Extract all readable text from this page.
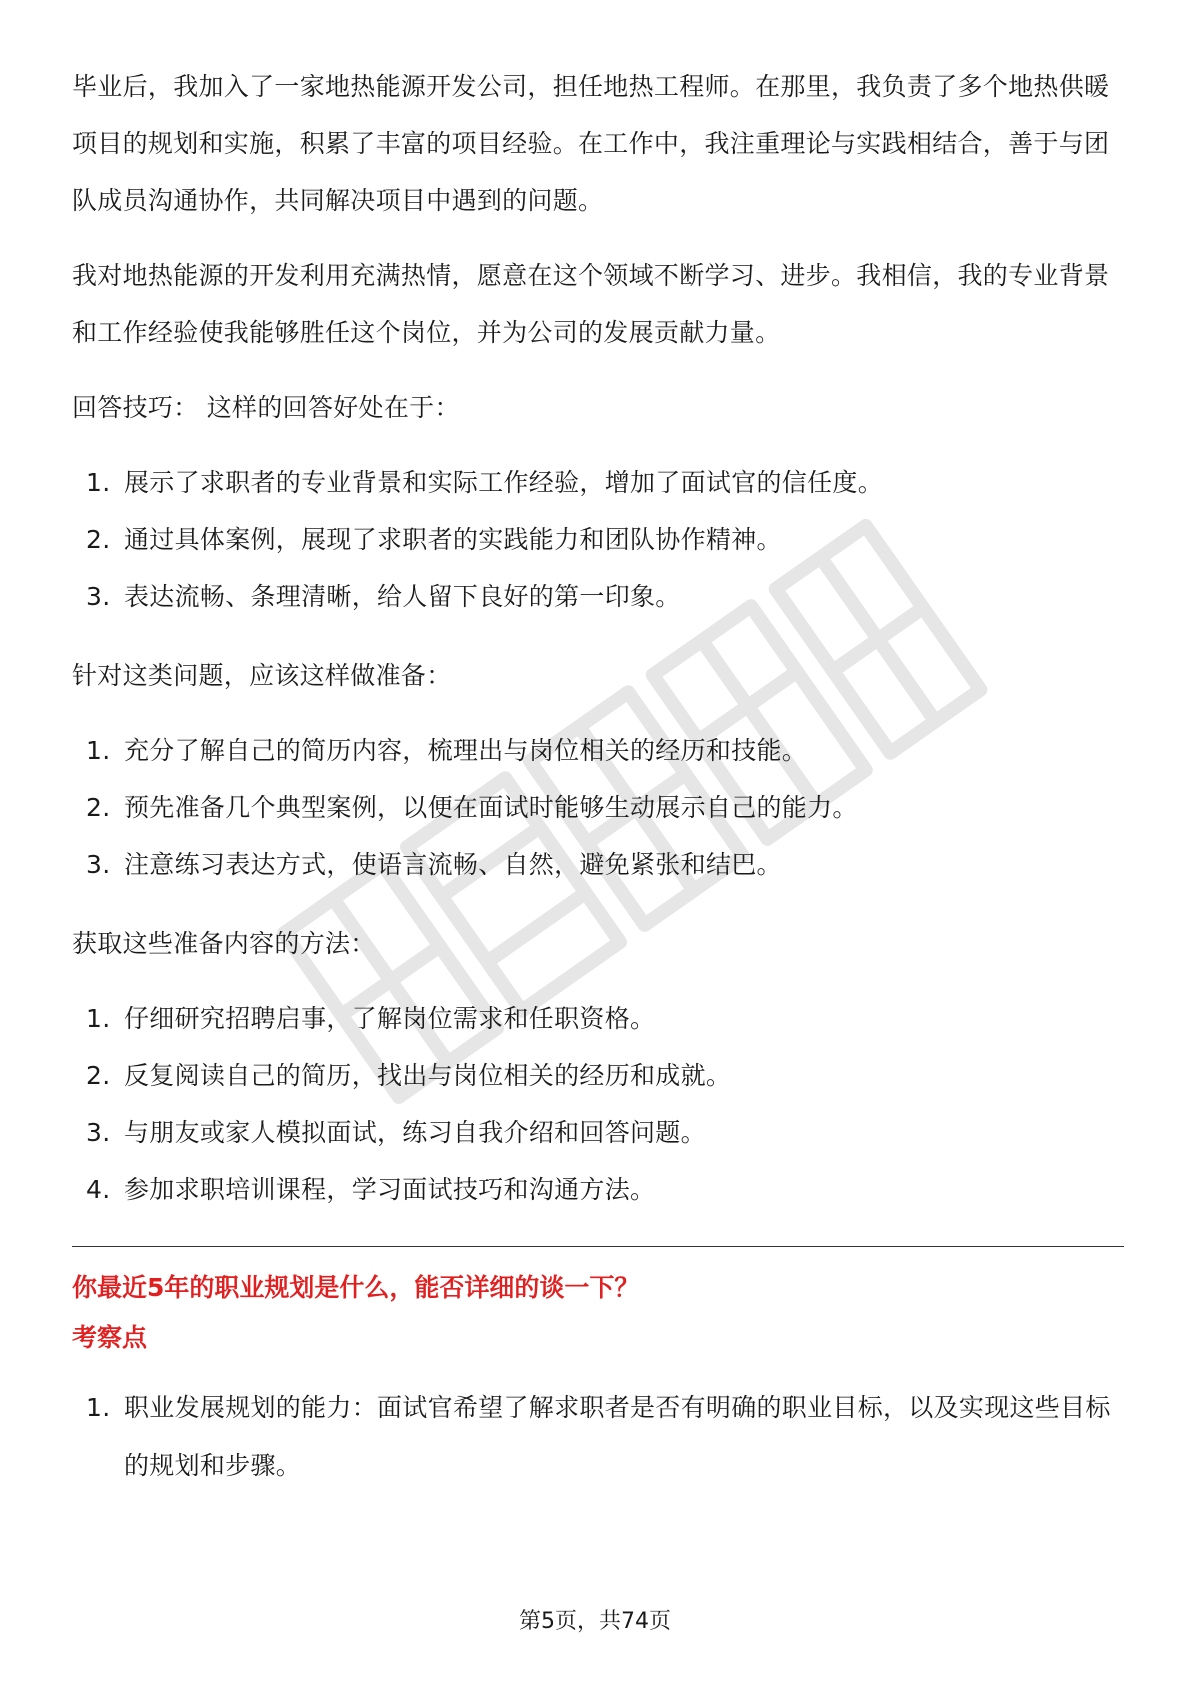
毕业后，我加入了一家地热能源开发公司，担任地热工程师。在那里，我负责了多个地热供暖项目的规划和实施，积累了丰富的项目经验。在工作中，我注重理论与实践相结合，善于与团队成员沟通协作，共同解决项目中遇到的问题。

我对地热能源的开发利用充满热情，愿意在这个领域不断学习、进步。我相信，我的专业背景和工作经验使我能够胜任这个岗位，并为公司的发展贡献力量。

回答技巧： 这样的回答好处在于：

1. 展示了求职者的专业背景和实际工作经验，增加了面试官的信任度。
2. 通过具体案例，展现了求职者的实践能力和团队协作精神。
3. 表达流畅、条理清晰，给人留下良好的第一印象。

针对这类问题，应该这样做准备：

1. 充分了解自己的简历内容，梳理出与岗位相关的经历和技能。
2. 预先准备几个典型案例，以便在面试时能够生动展示自己的能力。
3. 注意练习表达方式，使语言流畅、自然，避免紧张和结巴。

获取这些准备内容的方法：

1. 仔细研究招聘启事，了解岗位需求和任职资格。
2. 反复阅读自己的简历，找出与岗位相关的经历和成就。
3. 与朋友或家人模拟面试，练习自我介绍和回答问题。
4. 参加求职培训课程，学习面试技巧和沟通方法。

你最近5年的职业规划是什么，能否详细的谈一下？

考察点

1. 职业发展规划的能力：面试官希望了解求职者是否有明确的职业目标，以及实现这些目标的规划和步骤。
第5页，共74页
